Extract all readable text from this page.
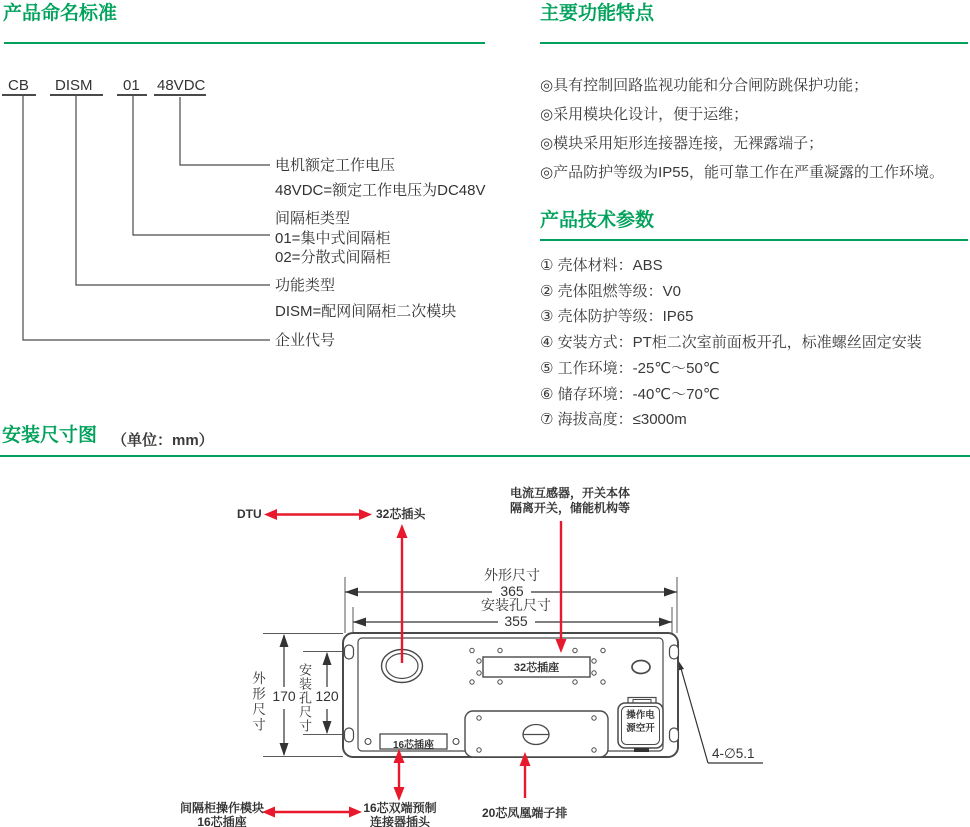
产品命名标准
CB DISM 01 48VDC
电机额定工作电压
48VDC=额定工作电压为DC48V
间隔柜类型
01=集中式间隔柜
02=分散式间隔柜
功能类型
DISM=配网间隔柜二次模块
企业代号
主要功能特点
◎具有控制回路监视功能和分合闸防跳保护功能；
◎采用模块化设计，便于运维；
◎模块采用矩形连接器连接，无裸露端子；
◎产品防护等级为IP55，能可靠工作在严重凝露的工作环境。
产品技术参数
① 壳体材料：ABS
② 壳体阻燃等级：V0
③ 壳体防护等级：IP65
④ 安装方式：PT柜二次室前面板开孔，标准螺丝固定安装
⑤ 工作环境：-25℃～50℃
⑥ 储存环境：-40℃～70℃
⑦ 海拔高度：≤3000m
安装尺寸图 （单位：mm）
DTU	32芯插头
电流互感器，开关本体
隔离开关，储能机构等
外形尺寸
365
安装孔尺寸
355
外形尺寸 170 安装孔尺寸 120
32芯插座
16芯插座
操作电
源空开
4-∅5.1
间隔柜操作模块
16芯插座
16芯双端预制
连接器插头
20芯凤凰端子排
